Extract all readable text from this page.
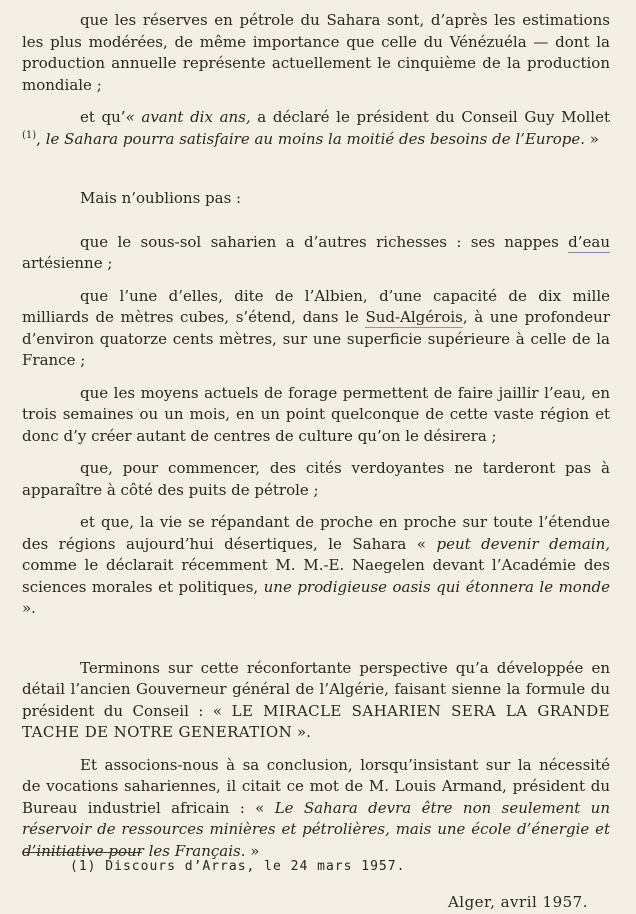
que les réserves en pétrole du Sahara sont, d’après les estimations les plus modérées, de même importance que celle du Vénézuéla — dont la production annuelle représente actuellement le cinquième de la production mondiale ;

et qu’« avant dix ans, a déclaré le président du Conseil Guy Mollet $^{(1)}$, le Sahara pourra satisfaire au moins la moitié des besoins de l’Europe. »

Mais n’oublions pas :

que le sous-sol saharien a d’autres richesses : ses nappes d’eau artésienne ;

que l’une d’elles, dite de l’Albien, d’une capacité de dix mille milliards de mètres cubes, s’étend, dans le Sud-Algérois, à une profondeur d’environ quatorze cents mètres, sur une superficie supérieure à celle de la France ;

que les moyens actuels de forage permettent de faire jaillir l’eau, en trois semaines ou un mois, en un point quelconque de cette vaste région et donc d’y créer autant de centres de culture qu’on le désirera ;

que, pour commencer, des cités verdoyantes ne tarderont pas à apparaître à côté des puits de pétrole ;

et que, la vie se répandant de proche en proche sur toute l’étendue des régions aujourd’hui désertiques, le Sahara « peut devenir demain, comme le déclarait récemment M. M.-E. Naegelen devant l’Académie des sciences morales et politiques, une prodigieuse oasis qui étonnera le monde ».

Terminons sur cette réconfortante perspective qu’a développée en détail l’ancien Gouverneur général de l’Algérie, faisant sienne la formule du président du Conseil : « LE MIRACLE SAHARIEN SERA LA GRANDE TACHE DE NOTRE GENERATION ».

Et associons-nous à sa conclusion, lorsqu’insistant sur la nécessité de vocations sahariennes, il citait ce mot de M. Louis Armand, président du Bureau industriel africain : « Le Sahara devra être non seulement un réservoir de ressources minières et pétrolières, mais une école d’énergie et d’initiative pour les Français. »

Alger, avril 1957.

(1) Discours d’Arras, le 24 mars 1957.
